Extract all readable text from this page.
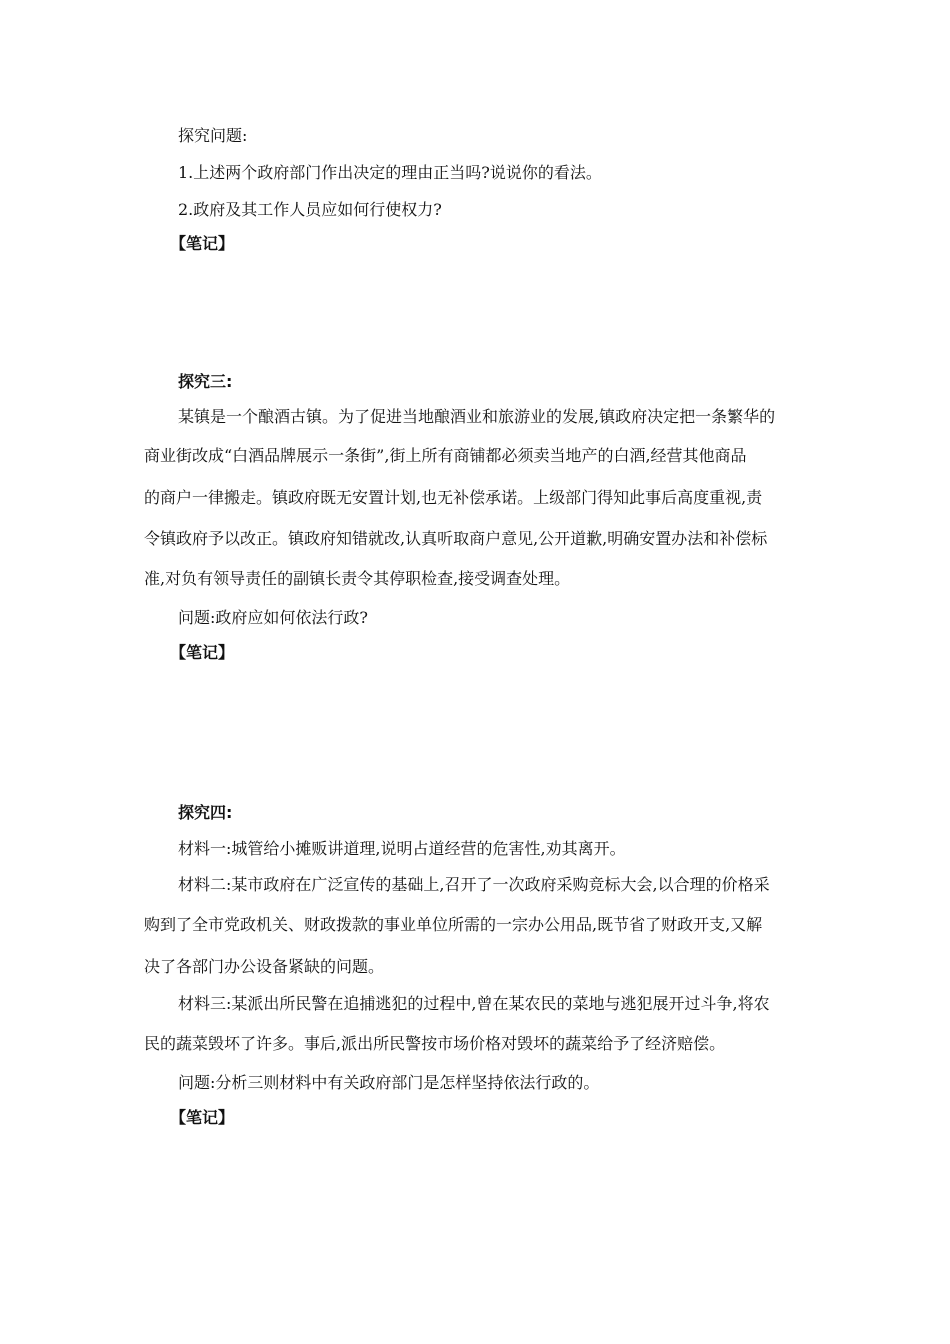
探究问题:
1.上述两个政府部门作出决定的理由正当吗?说说你的看法。
2.政府及其工作人员应如何行使权力?
【笔记】
探究三:
某镇是一个酿酒古镇。为了促进当地酿酒业和旅游业的发展,镇政府决定把一条繁华的
商业街改成“白酒品牌展示一条街”,街上所有商铺都必须卖当地产的白酒,经营其他商品
的商户一律搬走。镇政府既无安置计划,也无补偿承诺。上级部门得知此事后高度重视,责
令镇政府予以改正。镇政府知错就改,认真听取商户意见,公开道歉,明确安置办法和补偿标
准,对负有领导责任的副镇长责令其停职检查,接受调查处理。
问题:政府应如何依法行政?
【笔记】
探究四:
材料一:城管给小摊贩讲道理,说明占道经营的危害性,劝其离开。
材料二:某市政府在广泛宣传的基础上,召开了一次政府采购竞标大会,以合理的价格采
购到了全市党政机关、财政拨款的事业单位所需的一宗办公用品,既节省了财政开支,又解
决了各部门办公设备紧缺的问题。
材料三:某派出所民警在追捕逃犯的过程中,曾在某农民的菜地与逃犯展开过斗争,将农
民的蔬菜毁坏了许多。事后,派出所民警按市场价格对毁坏的蔬菜给予了经济赔偿。
问题:分析三则材料中有关政府部门是怎样坚持依法行政的。
【笔记】
